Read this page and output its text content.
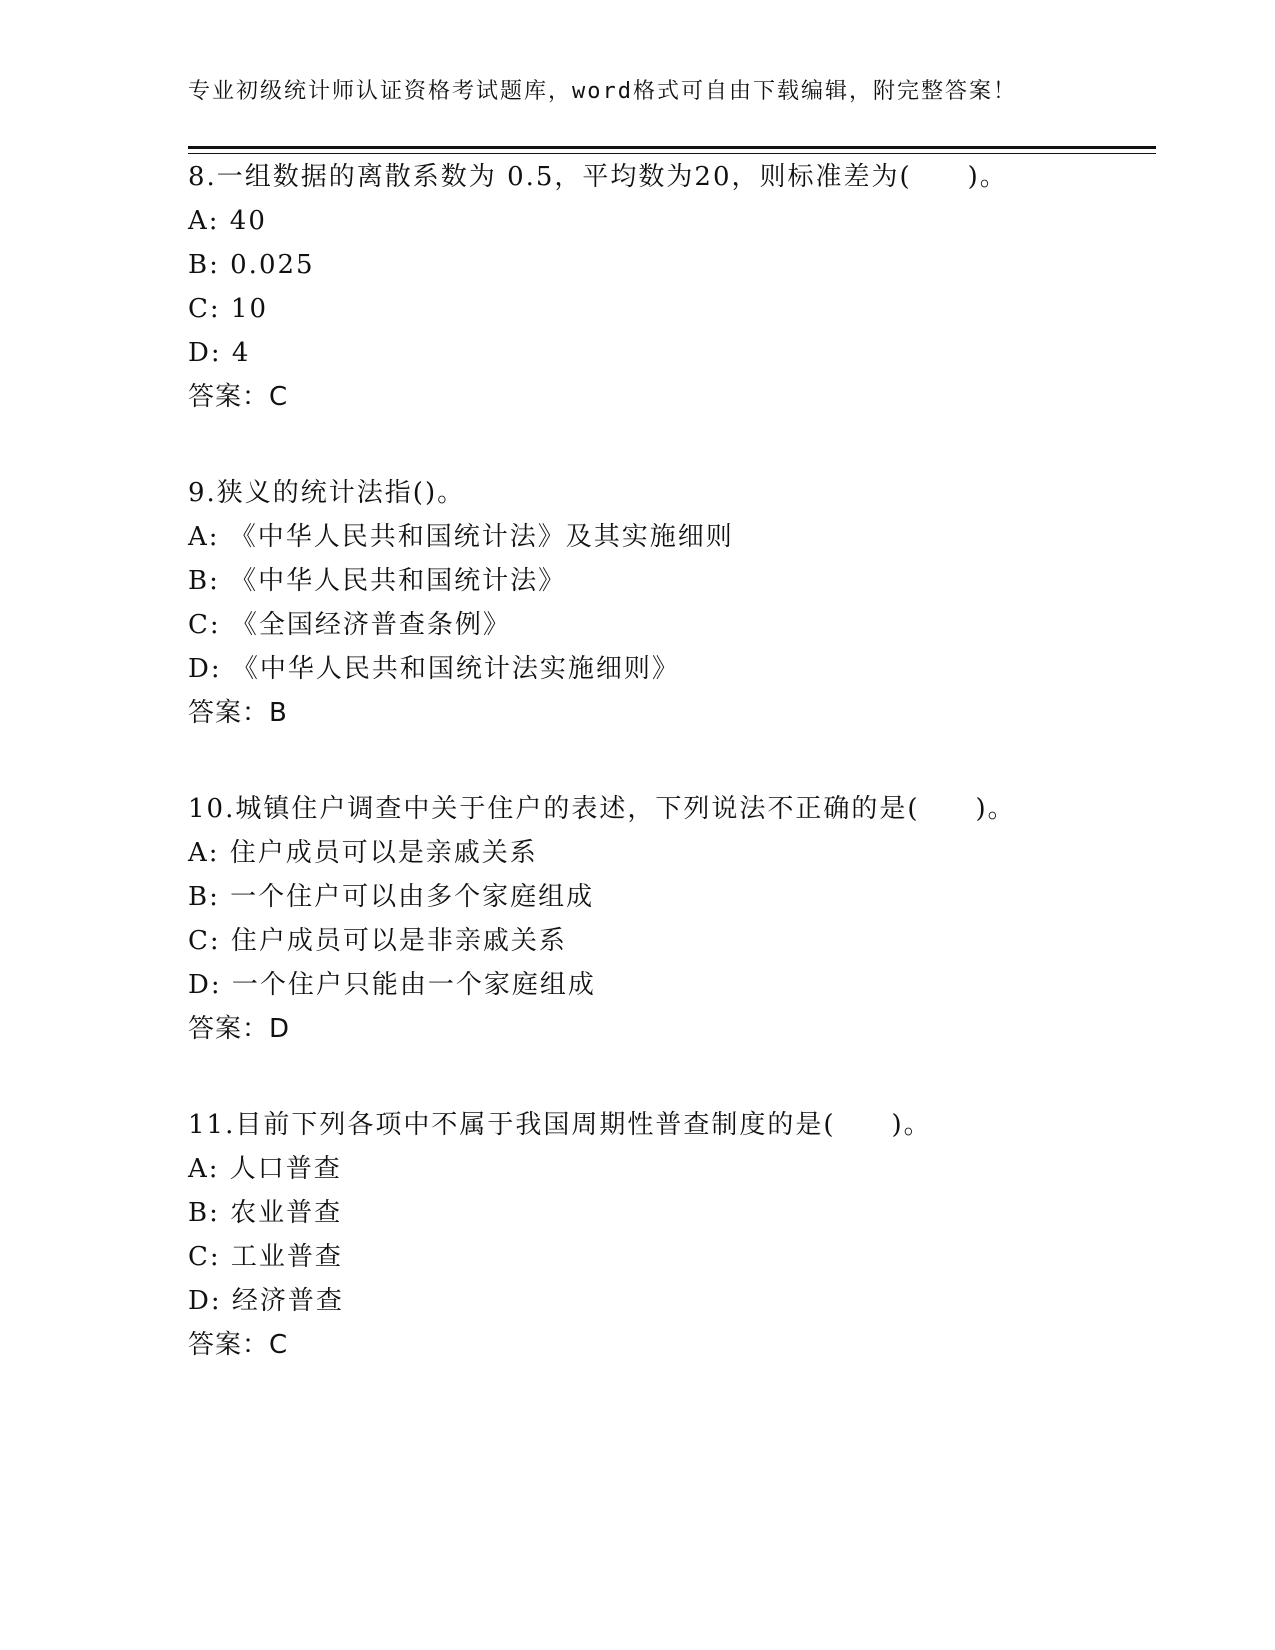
专业初级统计师认证资格考试题库，word格式可自由下载编辑，附完整答案！
8.一组数据的离散系数为 0.5，平均数为20，则标准差为(　　)。
A: 40
B: 0.025
C: 10
D: 4
答案：C
9.狭义的统计法指()。
A: 《中华人民共和国统计法》及其实施细则
B: 《中华人民共和国统计法》
C: 《全国经济普查条例》
D: 《中华人民共和国统计法实施细则》
答案：B
10.城镇住户调查中关于住户的表述，下列说法不正确的是(　　)。
A: 住户成员可以是亲戚关系
B: 一个住户可以由多个家庭组成
C: 住户成员可以是非亲戚关系
D: 一个住户只能由一个家庭组成
答案：D
11.目前下列各项中不属于我国周期性普查制度的是(　　)。
A: 人口普查
B: 农业普查
C: 工业普查
D: 经济普查
答案：C
